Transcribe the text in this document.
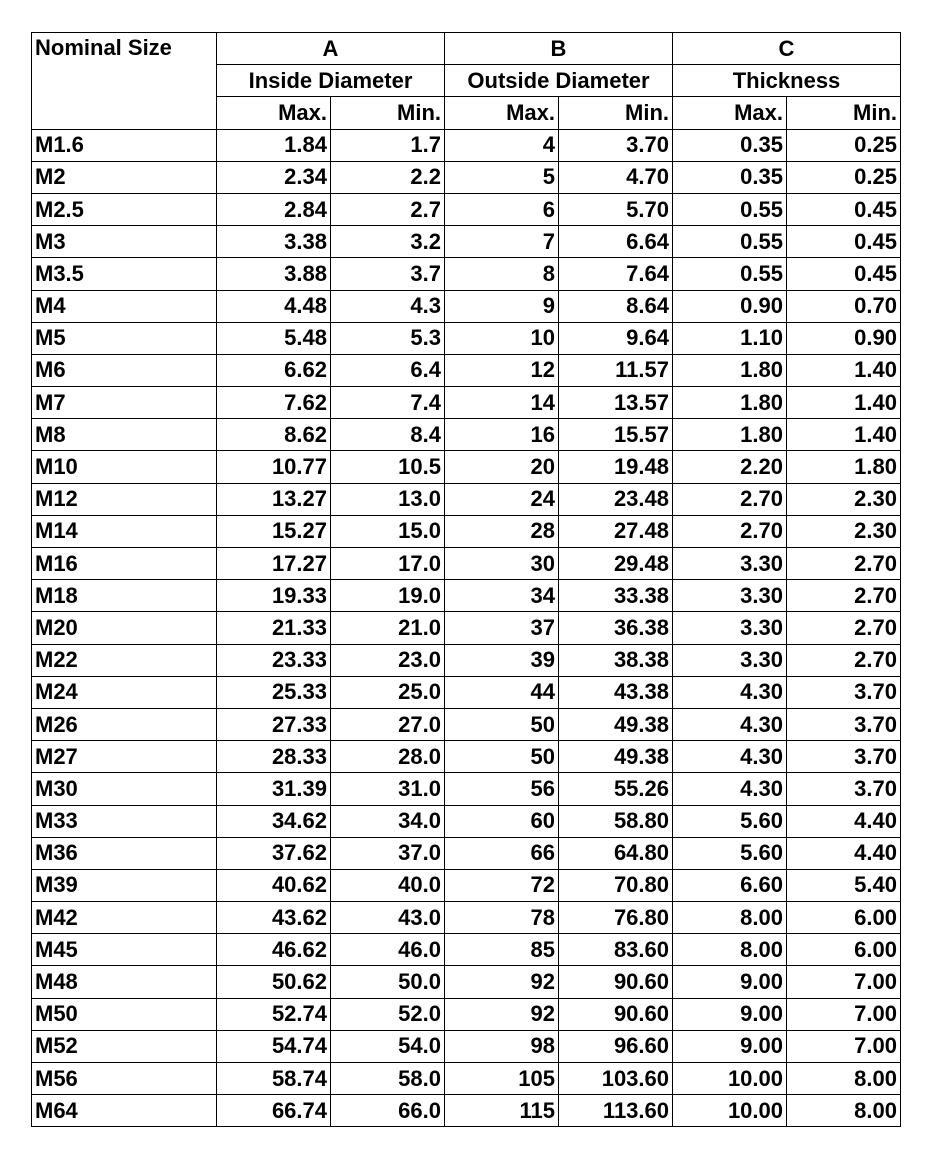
Nominal Size	A		B		C	
	Inside Diameter		Outside Diameter		Thickness	
	Max.	Min.	Max.	Min.	Max.	Min.
M1.6	1.84	1.7	4	3.70	0.35	0.25
M2	2.34	2.2	5	4.70	0.35	0.25
M2.5	2.84	2.7	6	5.70	0.55	0.45
M3	3.38	3.2	7	6.64	0.55	0.45
M3.5	3.88	3.7	8	7.64	0.55	0.45
M4	4.48	4.3	9	8.64	0.90	0.70
M5	5.48	5.3	10	9.64	1.10	0.90
M6	6.62	6.4	12	11.57	1.80	1.40
M7	7.62	7.4	14	13.57	1.80	1.40
M8	8.62	8.4	16	15.57	1.80	1.40
M10	10.77	10.5	20	19.48	2.20	1.80
M12	13.27	13.0	24	23.48	2.70	2.30
M14	15.27	15.0	28	27.48	2.70	2.30
M16	17.27	17.0	30	29.48	3.30	2.70
M18	19.33	19.0	34	33.38	3.30	2.70
M20	21.33	21.0	37	36.38	3.30	2.70
M22	23.33	23.0	39	38.38	3.30	2.70
M24	25.33	25.0	44	43.38	4.30	3.70
M26	27.33	27.0	50	49.38	4.30	3.70
M27	28.33	28.0	50	49.38	4.30	3.70
M30	31.39	31.0	56	55.26	4.30	3.70
M33	34.62	34.0	60	58.80	5.60	4.40
M36	37.62	37.0	66	64.80	5.60	4.40
M39	40.62	40.0	72	70.80	6.60	5.40
M42	43.62	43.0	78	76.80	8.00	6.00
M45	46.62	46.0	85	83.60	8.00	6.00
M48	50.62	50.0	92	90.60	9.00	7.00
M50	52.74	52.0	92	90.60	9.00	7.00
M52	54.74	54.0	98	96.60	9.00	7.00
M56	58.74	58.0	105	103.60	10.00	8.00
M64	66.74	66.0	115	113.60	10.00	8.00
